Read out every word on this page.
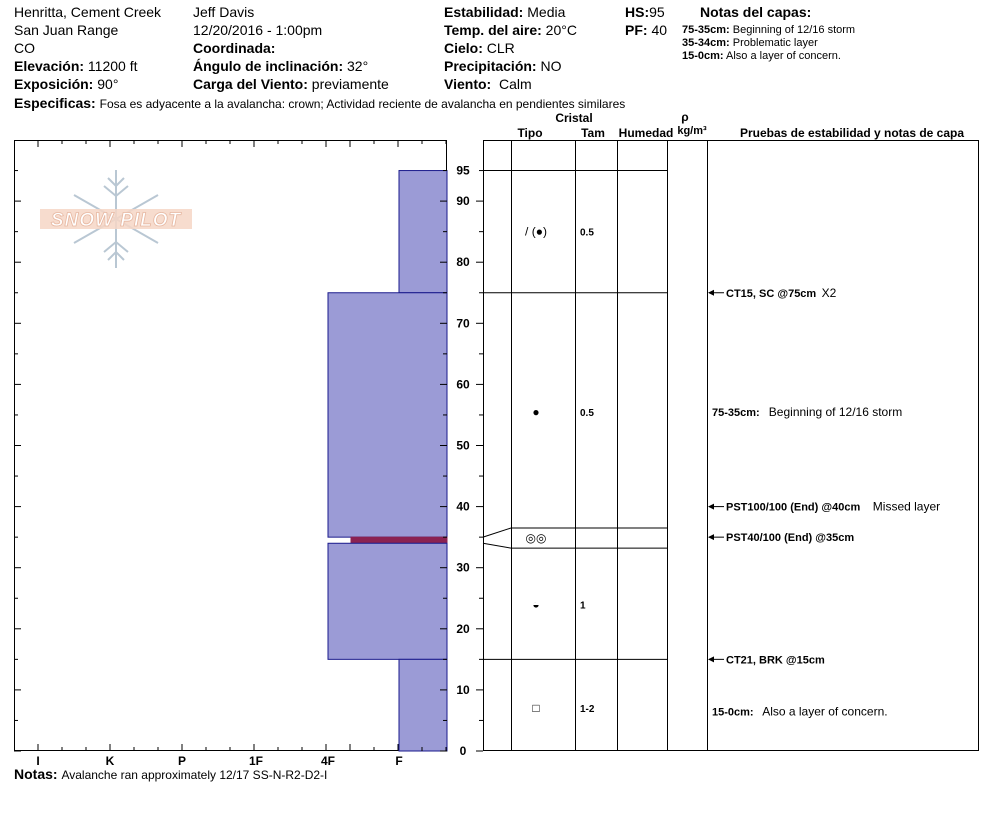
Henritta, Cement Creek
San Juan Range
CO
Elevación: 11200 ft
Exposición: 90°
Jeff Davis
12/20/2016 - 1:00pm
Coordinada:
Ángulo de inclinación: 32°
Carga del Viento: previamente
Estabilidad: Media
Temp. del aire: 20°C
Cielo: CLR
Precipitación: NO
Viento: Calm
HS:95
PF: 40
Notas del capas:
75-35cm: Beginning of 12/16 storm
35-34cm: Problematic layer
15-0cm: Also a layer of concern.
Especificas: Fosa es adyacente a la avalancha: crown; Actividad reciente de avalancha en pendientes similares
Notas: Avalanche ran approximately 12/17 SS-N-R2-D2-I
SNOW PILOT
I	K	P	1F	4F	F
0
10
20
30
40
50
60
70
80
90
95
Cristal
Tipo	Tam Humedad
ρ
kg/m³	Pruebas de estabilidad y notas de capa
/ (●)	0.5
●	0.5
◎◎
◒	1
□	1-2
CT15, SC @75cm X2
PST100/100 (End) @40cm Missed layer
PST40/100 (End) @35cm
CT21, BRK @15cm
75-35cm: Beginning of 12/16 storm
15-0cm: Also a layer of concern.
